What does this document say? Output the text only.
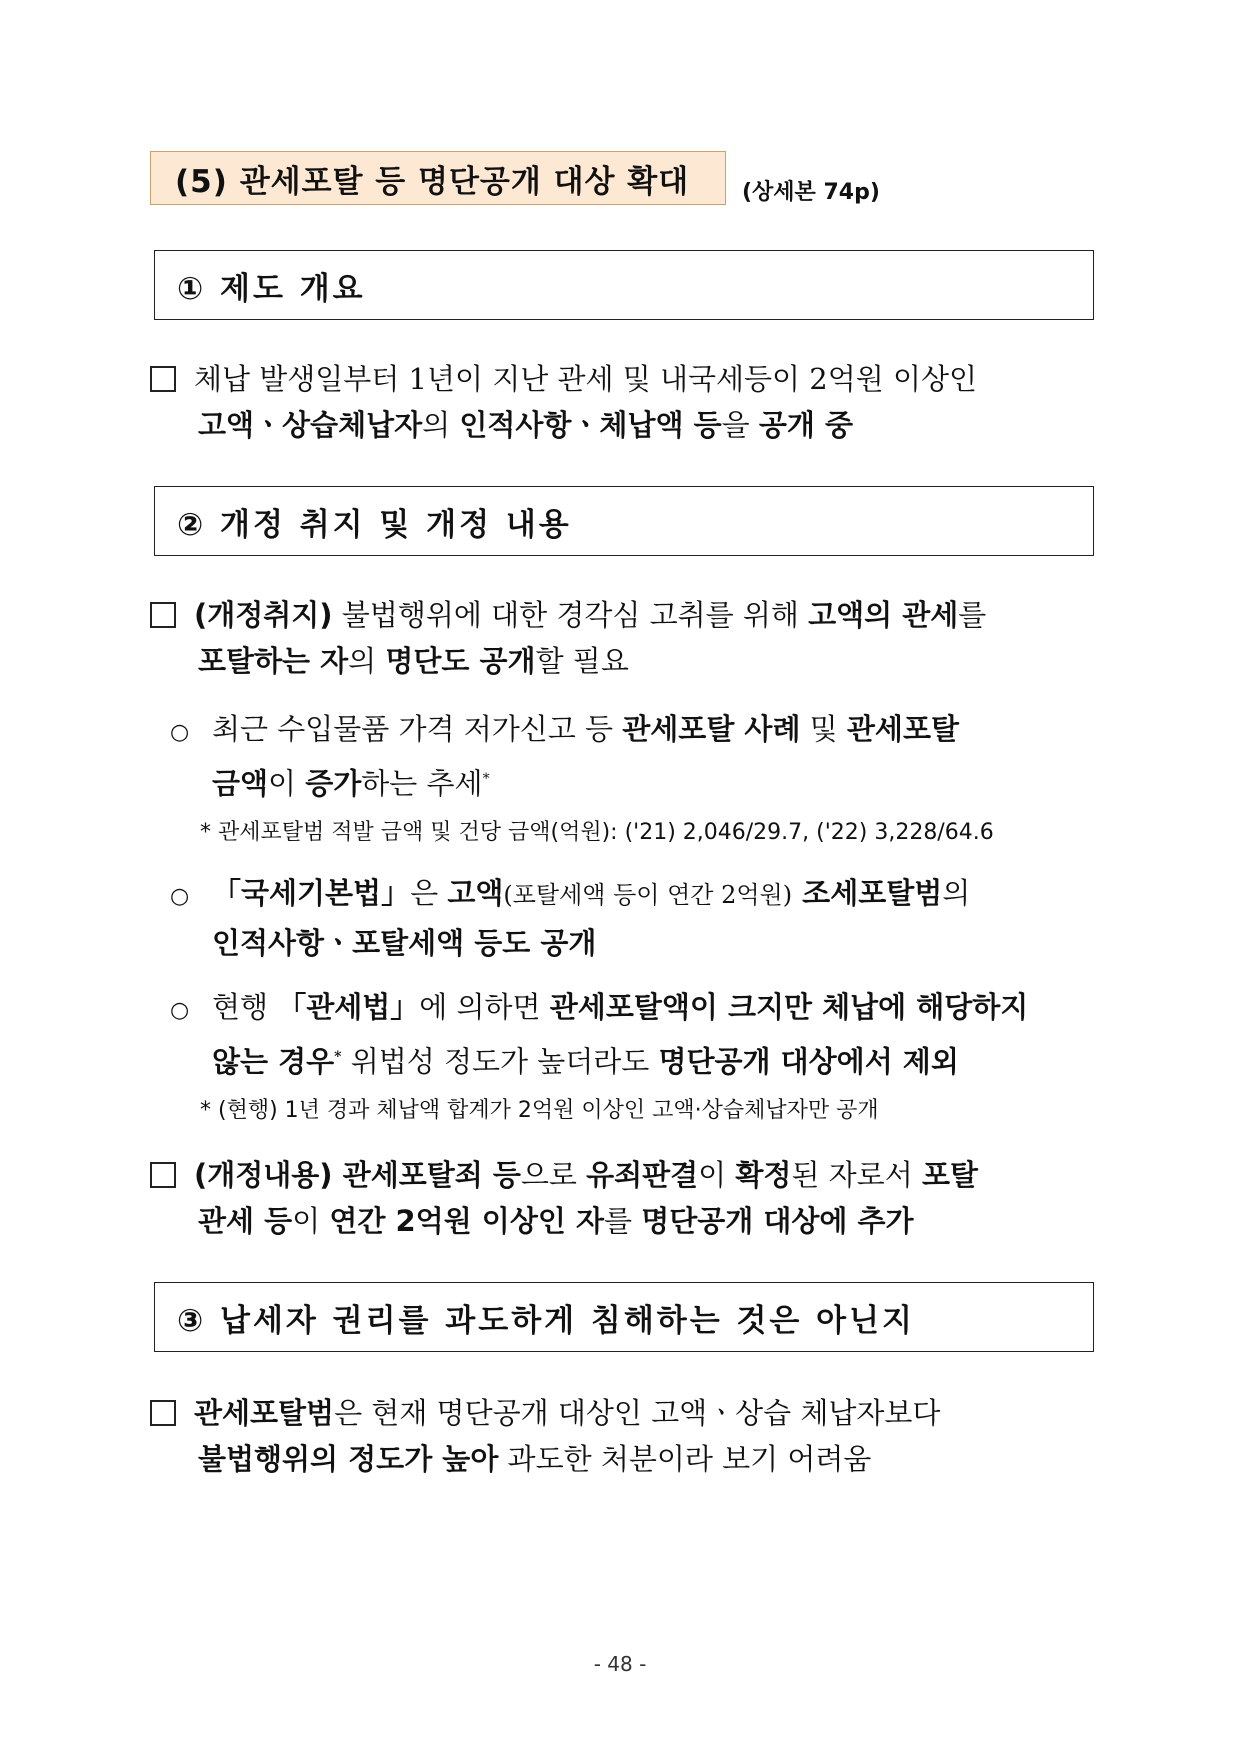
(5) 관세포탈 등 명단공개 대상 확대 (상세본 74p)
① 제도 개요
체납 발생일부터 1년이 지난 관세 및 내국세등이 2억원 이상인
고액ㆍ상습체납자의 인적사항ㆍ체납액 등을 공개 중
② 개정 취지 및 개정 내용
(개정취지) 불법행위에 대한 경각심 고취를 위해 고액의 관세를
포탈하는 자의 명단도 공개할 필요
○ 최근 수입물품 가격 저가신고 등 관세포탈 사례 및 관세포탈
금액이 증가하는 추세*
* 관세포탈범 적발 금액 및 건당 금액(억원): ('21) 2,046/29.7, ('22) 3,228/64.6
○ 「국세기본법」은 고액(포탈세액 등이 연간 2억원) 조세포탈범의
인적사항ㆍ포탈세액 등도 공개
○ 현행 「관세법」에 의하면 관세포탈액이 크지만 체납에 해당하지
않는 경우* 위법성 정도가 높더라도 명단공개 대상에서 제외
* (현행) 1년 경과 체납액 합계가 2억원 이상인 고액·상습체납자만 공개
(개정내용) 관세포탈죄 등으로 유죄판결이 확정된 자로서 포탈
관세 등이 연간 2억원 이상인 자를 명단공개 대상에 추가
③ 납세자 권리를 과도하게 침해하는 것은 아닌지
관세포탈범은 현재 명단공개 대상인 고액ㆍ상습 체납자보다
불법행위의 정도가 높아 과도한 처분이라 보기 어려움
- 48 -
